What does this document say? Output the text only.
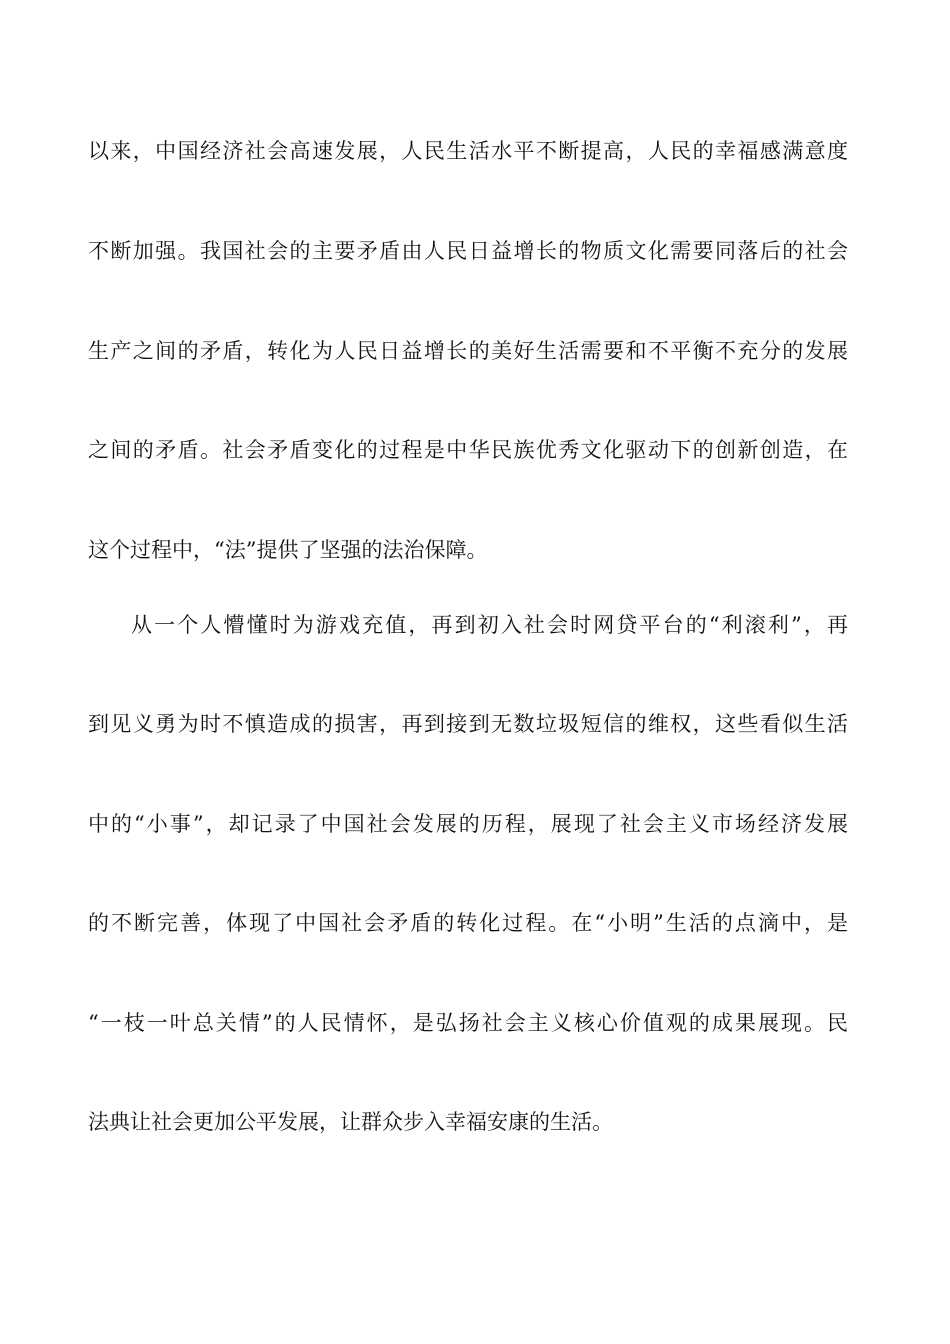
以来，中国经济社会高速发展，人民生活水平不断提高，人民的幸福感满意度
不断加强。我国社会的主要矛盾由人民日益增长的物质文化需要同落后的社会
生产之间的矛盾，转化为人民日益增长的美好生活需要和不平衡不充分的发展
之间的矛盾。社会矛盾变化的过程是中华民族优秀文化驱动下的创新创造，在
这个过程中，“法”提供了坚强的法治保障。
从一个人懵懂时为游戏充值，再到初入社会时网贷平台的“利滚利”，再
到见义勇为时不慎造成的损害，再到接到无数垃圾短信的维权，这些看似生活
中的“小事”，却记录了中国社会发展的历程，展现了社会主义市场经济发展
的不断完善，体现了中国社会矛盾的转化过程。在“小明”生活的点滴中，是
“一枝一叶总关情”的人民情怀，是弘扬社会主义核心价值观的成果展现。民
法典让社会更加公平发展，让群众步入幸福安康的生活。
